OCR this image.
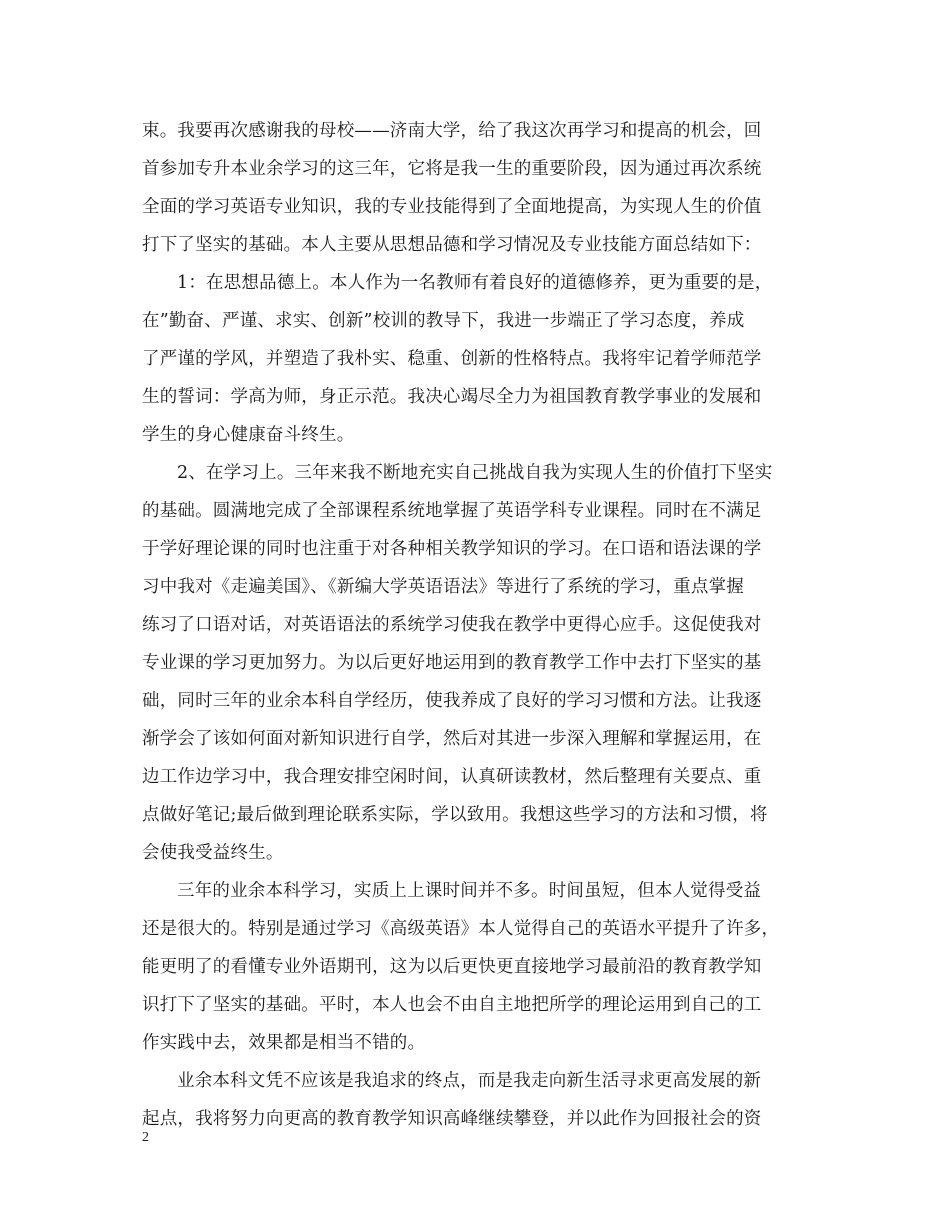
束。我要再次感谢我的母校——济南大学，给了我这次再学习和提高的机会，回
首参加专升本业余学习的这三年，它将是我一生的重要阶段，因为通过再次系统
全面的学习英语专业知识，我的专业技能得到了全面地提高，为实现人生的价值
打下了坚实的基础。本人主要从思想品德和学习情况及专业技能方面总结如下：
1：在思想品德上。本人作为一名教师有着良好的道德修养，更为重要的是，
在”勤奋、严谨、求实、创新”校训的教导下，我进一步端正了学习态度，养成
了严谨的学风，并塑造了我朴实、稳重、创新的性格特点。我将牢记着学师范学
生的誓词：学高为师，身正示范。我决心竭尽全力为祖国教育教学事业的发展和
学生的身心健康奋斗终生。
2、在学习上。三年来我不断地充实自己挑战自我为实现人生的价值打下坚实
的基础。圆满地完成了全部课程系统地掌握了英语学科专业课程。同时在不满足
于学好理论课的同时也注重于对各种相关教学知识的学习。在口语和语法课的学
习中我对《走遍美国》、《新编大学英语语法》等进行了系统的学习，重点掌握
练习了口语对话，对英语语法的系统学习使我在教学中更得心应手。这促使我对
专业课的学习更加努力。为以后更好地运用到的教育教学工作中去打下坚实的基
础，同时三年的业余本科自学经历，使我养成了良好的学习习惯和方法。让我逐
渐学会了该如何面对新知识进行自学，然后对其进一步深入理解和掌握运用，在
边工作边学习中，我合理安排空闲时间，认真研读教材，然后整理有关要点、重
点做好笔记;最后做到理论联系实际，学以致用。我想这些学习的方法和习惯，将
会使我受益终生。
三年的业余本科学习，实质上上课时间并不多。时间虽短，但本人觉得受益
还是很大的。特别是通过学习《高级英语》本人觉得自己的英语水平提升了许多，
能更明了的看懂专业外语期刊，这为以后更快更直接地学习最前沿的教育教学知
识打下了坚实的基础。平时，本人也会不由自主地把所学的理论运用到自己的工
作实践中去，效果都是相当不错的。
业余本科文凭不应该是我追求的终点，而是我走向新生活寻求更高发展的新
起点，我将努力向更高的教育教学知识高峰继续攀登，并以此作为回报社会的资
2
